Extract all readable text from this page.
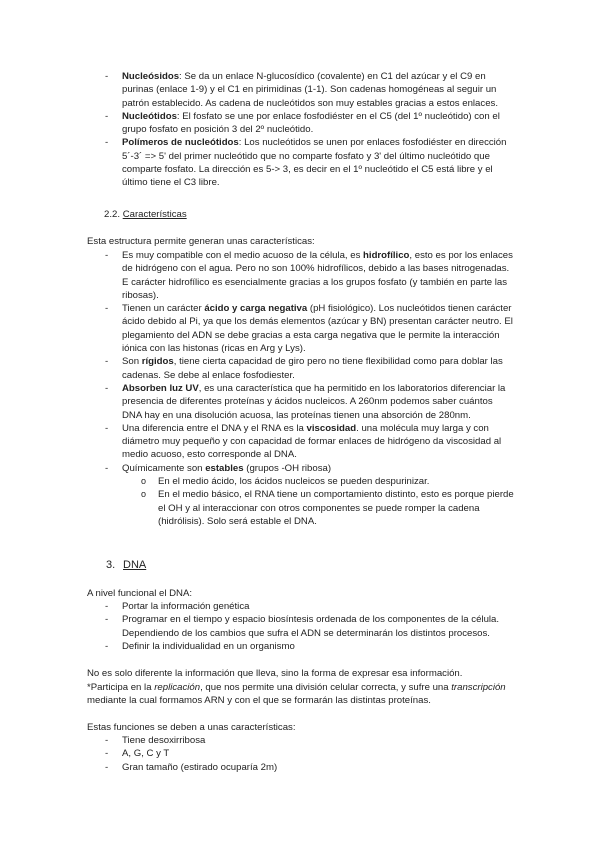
- Nucleósidos: Se da un enlace N-glucosídico (covalente) en C1 del azúcar y el C9 en purinas (enlace 1-9) y el C1 en pirimidinas (1-1). Son cadenas homogéneas al seguir un patrón establecido. As cadena de nucleótidos son muy estables gracias a estos enlaces.
- Nucleótidos: El fosfato se une por enlace fosfodiéster en el C5 (del 1º nucleótido) con el grupo fosfato en posición 3 del 2º nucleótido.
- Polímeros de nucleótidos: Los nucleótidos se unen por enlaces fosfodiéster en dirección 5´-3´ => 5' del primer nucleótido que no comparte fosfato y 3' del último nucleótido que comparte fosfato. La dirección es 5-> 3, es decir en el 1º nucleótido el C5 está libre y el último tiene el C3 libre.
2.2. Características
Esta estructura permite generan unas características:
- Es muy compatible con el medio acuoso de la célula, es hidrofílico, esto es por los enlaces de hidrógeno con el agua. Pero no son 100% hidrofílicos, debido a las bases nitrogenadas. E carácter hidrofílico es esencialmente gracias a los grupos fosfato (y también en parte las ribosas).
- Tienen un carácter ácido y carga negativa (pH fisiológico). Los nucleótidos tienen carácter ácido debido al Pi, ya que los demás elementos (azúcar y BN) presentan carácter neutro. El plegamiento del ADN se debe gracias a esta carga negativa que le permite la interacción iónica con las histonas (ricas en Arg y Lys).
- Son rígidos, tiene cierta capacidad de giro pero no tiene flexibilidad como para doblar las cadenas. Se debe al enlace fosfodiester.
- Absorben luz UV, es una característica que ha permitido en los laboratorios diferenciar la presencia de diferentes proteínas y ácidos nucleicos. A 260nm podemos saber cuántos DNA hay en una disolución acuosa, las proteínas tienen una absorción de 280nm.
- Una diferencia entre el DNA y el RNA es la viscosidad. una molécula muy larga y con diámetro muy pequeño y con capacidad de formar enlaces de hidrógeno da viscosidad al medio acuoso, esto corresponde al DNA.
- Químicamente son estables (grupos -OH ribosa)
o En el medio ácido, los ácidos nucleicos se pueden despurinizar.
o En el medio básico, el RNA tiene un comportamiento distinto, esto es porque pierde el OH y al interaccionar con otros componentes se puede romper la cadena (hidrólisis). Solo será estable el DNA.
3. DNA
A nivel funcional el DNA:
- Portar la información genética
- Programar en el tiempo y espacio biosíntesis ordenada de los componentes de la célula. Dependiendo de los cambios que sufra el ADN se determinarán los distintos procesos.
- Definir la individualidad en un organismo
No es solo diferente la información que lleva, sino la forma de expresar esa información.
*Participa en la replicación, que nos permite una división celular correcta, y sufre una transcripción mediante la cual formamos ARN y con el que se formarán las distintas proteínas.
Estas funciones se deben a unas características:
- Tiene desoxirribosa
- A, G, C y T
- Gran tamaño (estirado ocuparía 2m)
